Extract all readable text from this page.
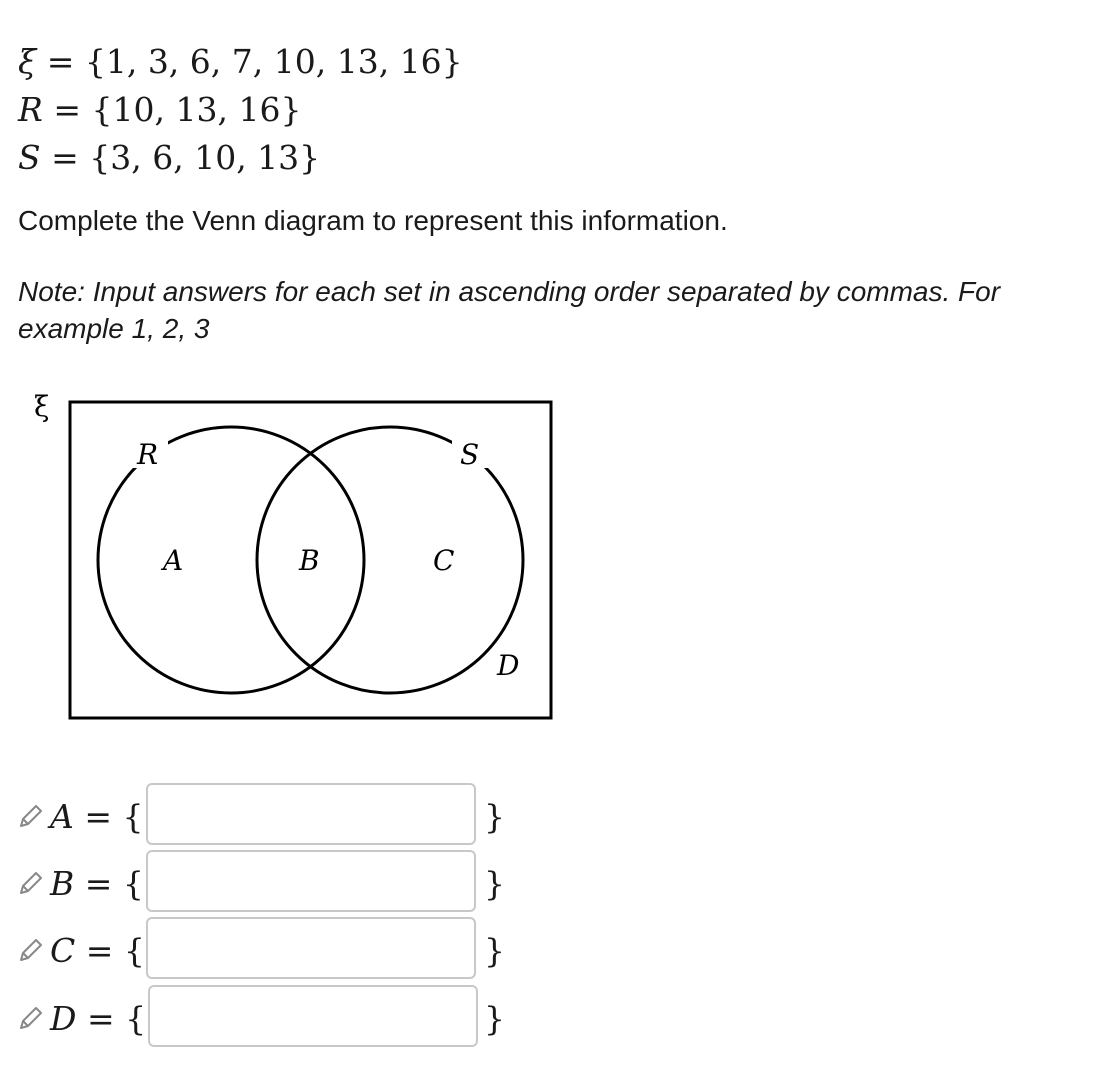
ξ = {1, 3, 6, 7, 10, 13, 16}
R = {10, 13, 16}
S = {3, 6, 10, 13}
Complete the Venn diagram to represent this information.
Note: Input answers for each set in ascending order separated by commas. For example 1, 2, 3
ξ
R	S
A	B	C
D
A = {	}
B = {	}
C = {	}
D = {	}
